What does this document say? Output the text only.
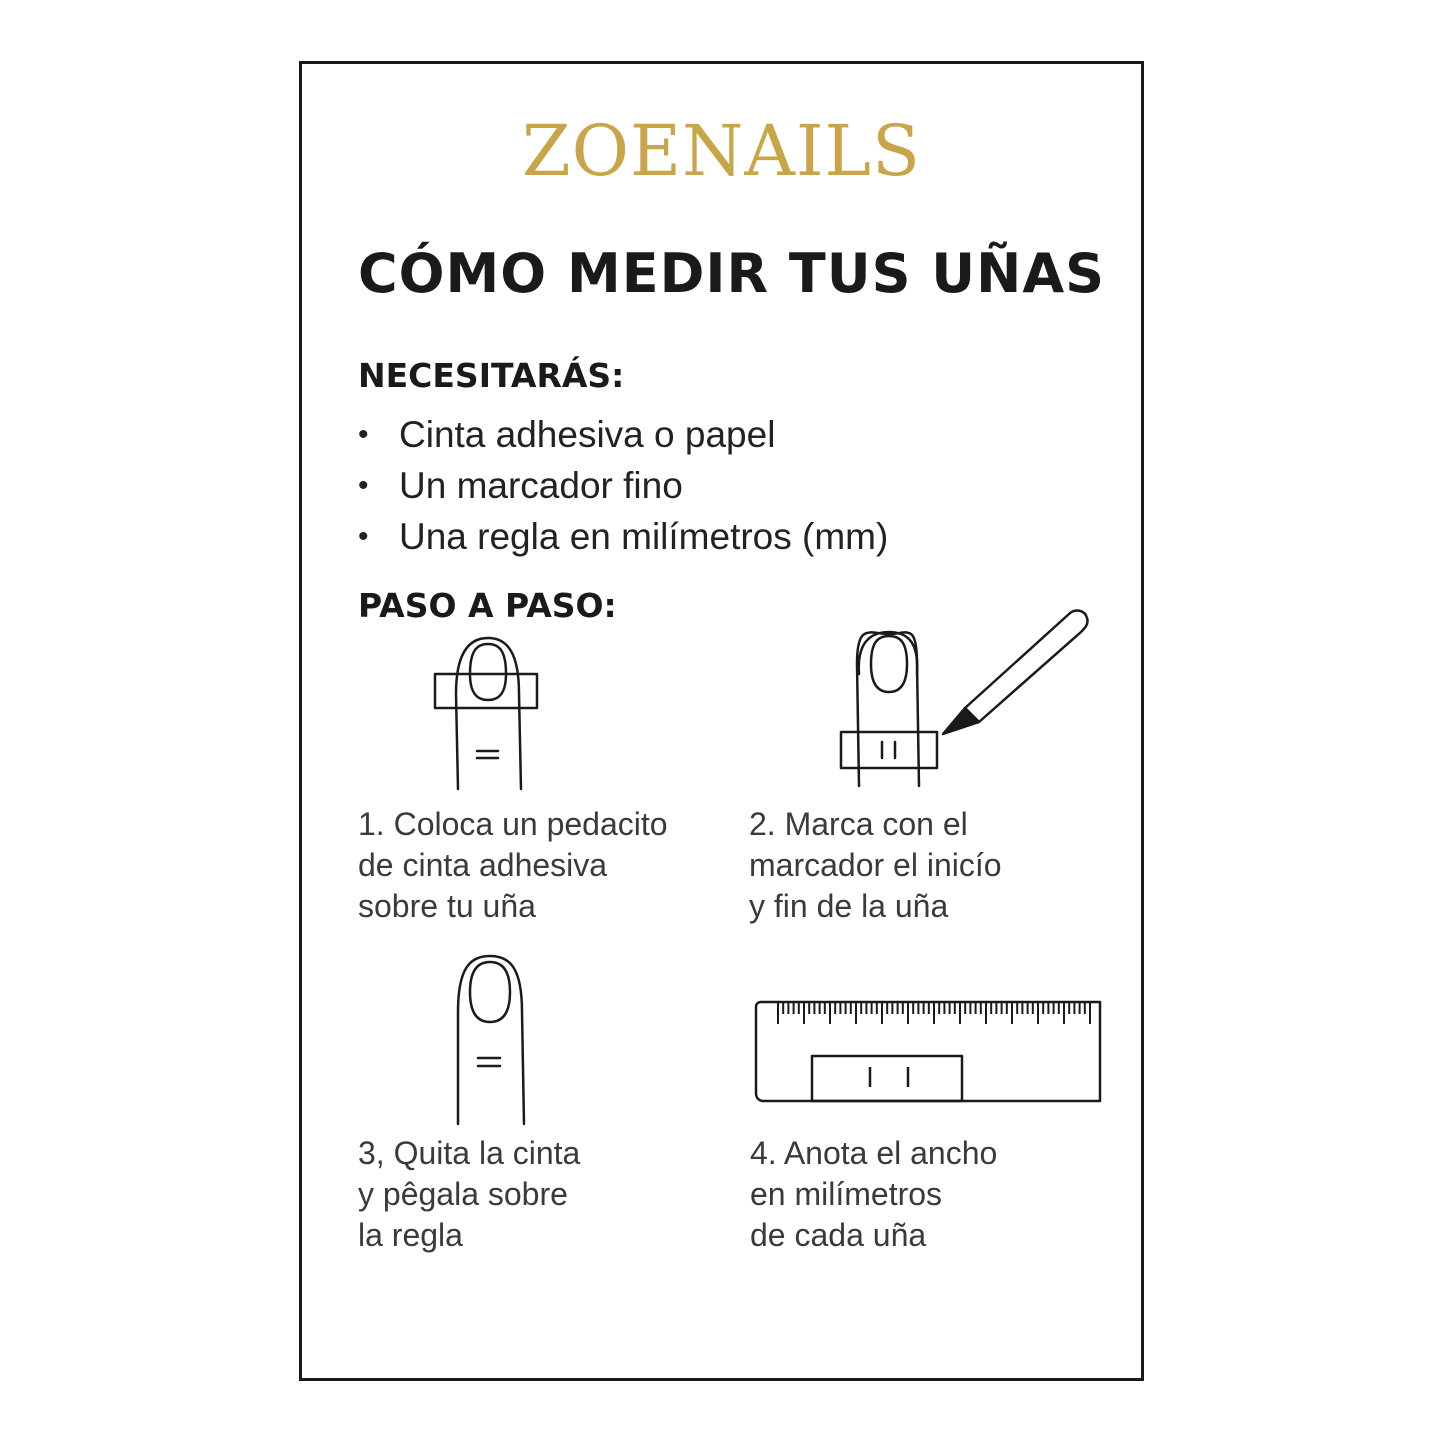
ZOENAILS
CÓMO MEDIR TUS UÑAS
NECESITARÁS:
• Cinta adhesiva o papel
• Un marcador fino
• Una regla en milímetros (mm)
PASO A PASO:
1. Coloca un pedacito
de cinta adhesiva
sobre tu uña
2. Marca con el
marcador el inicío
y fin de la uña
3, Quita la cinta
y pêgala sobre
la regla
4. Anota el ancho
en milímetros
de cada uña
